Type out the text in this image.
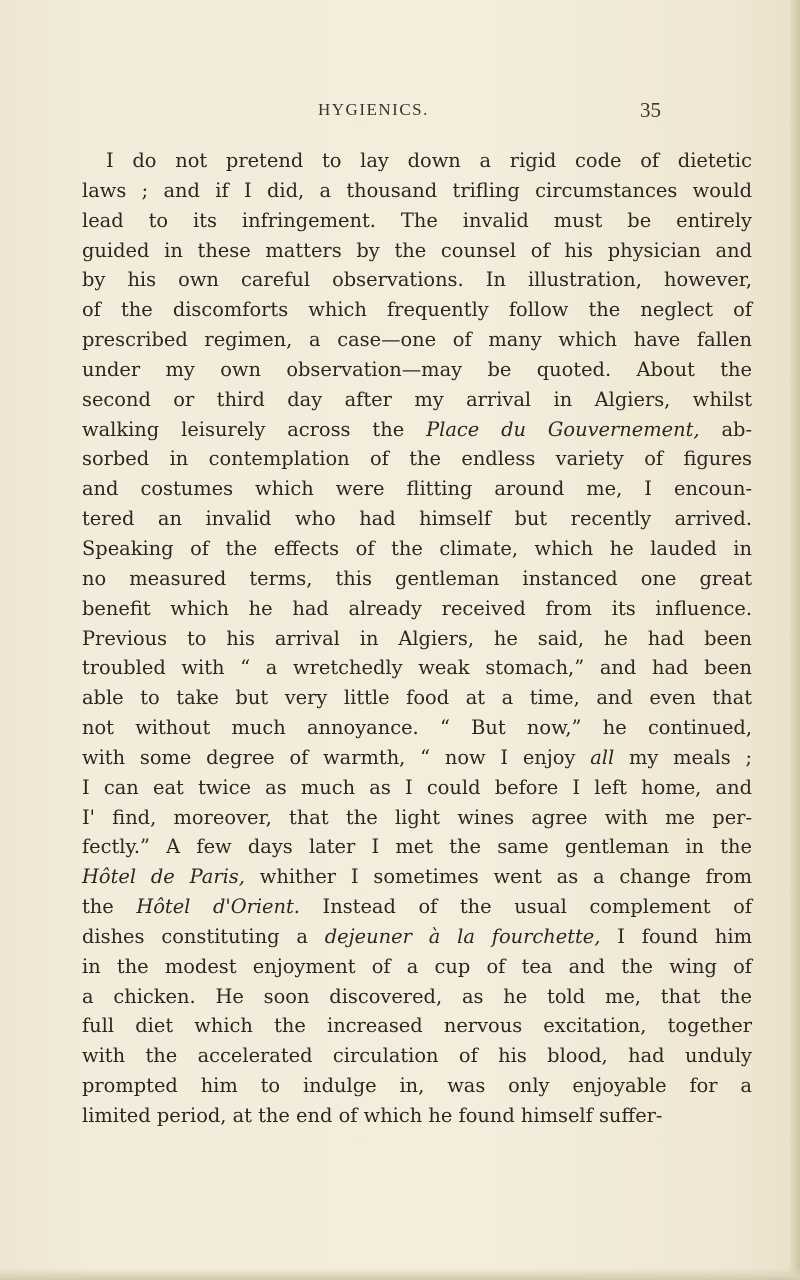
HYGIENICS.	35
I do not pretend to lay down a rigid code of dietetic
laws ; and if I did, a thousand trifling circumstances would
lead to its infringement. The invalid must be entirely
guided in these matters by the counsel of his physician and
by his own careful observations. In illustration, however,
of the discomforts which frequently follow the neglect of
prescribed regimen, a case—one of many which have fallen
under my own observation—may be quoted. About the
second or third day after my arrival in Algiers, whilst
walking leisurely across the Place du Gouvernement, ab-
sorbed in contemplation of the endless variety of figures
and costumes which were flitting around me, I encoun-
tered an invalid who had himself but recently arrived.
Speaking of the effects of the climate, which he lauded in
no measured terms, this gentleman instanced one great
benefit which he had already received from its influence.
Previous to his arrival in Algiers, he said, he had been
troubled with “ a wretchedly weak stomach,” and had been
able to take but very little food at a time, and even that
not without much annoyance. “ But now,” he continued,
with some degree of warmth, “ now I enjoy all my meals ;
I can eat twice as much as I could before I left home, and
I' find, moreover, that the light wines agree with me per-
fectly.” A few days later I met the same gentleman in the
Hôtel de Paris, whither I sometimes went as a change from
the Hôtel d'Orient. Instead of the usual complement of
dishes constituting a dejeuner à la fourchette, I found him
in the modest enjoyment of a cup of tea and the wing of
a chicken. He soon discovered, as he told me, that the
full diet which the increased nervous excitation, together
with the accelerated circulation of his blood, had unduly
prompted him to indulge in, was only enjoyable for a
limited period, at the end of which he found himself suffer-
